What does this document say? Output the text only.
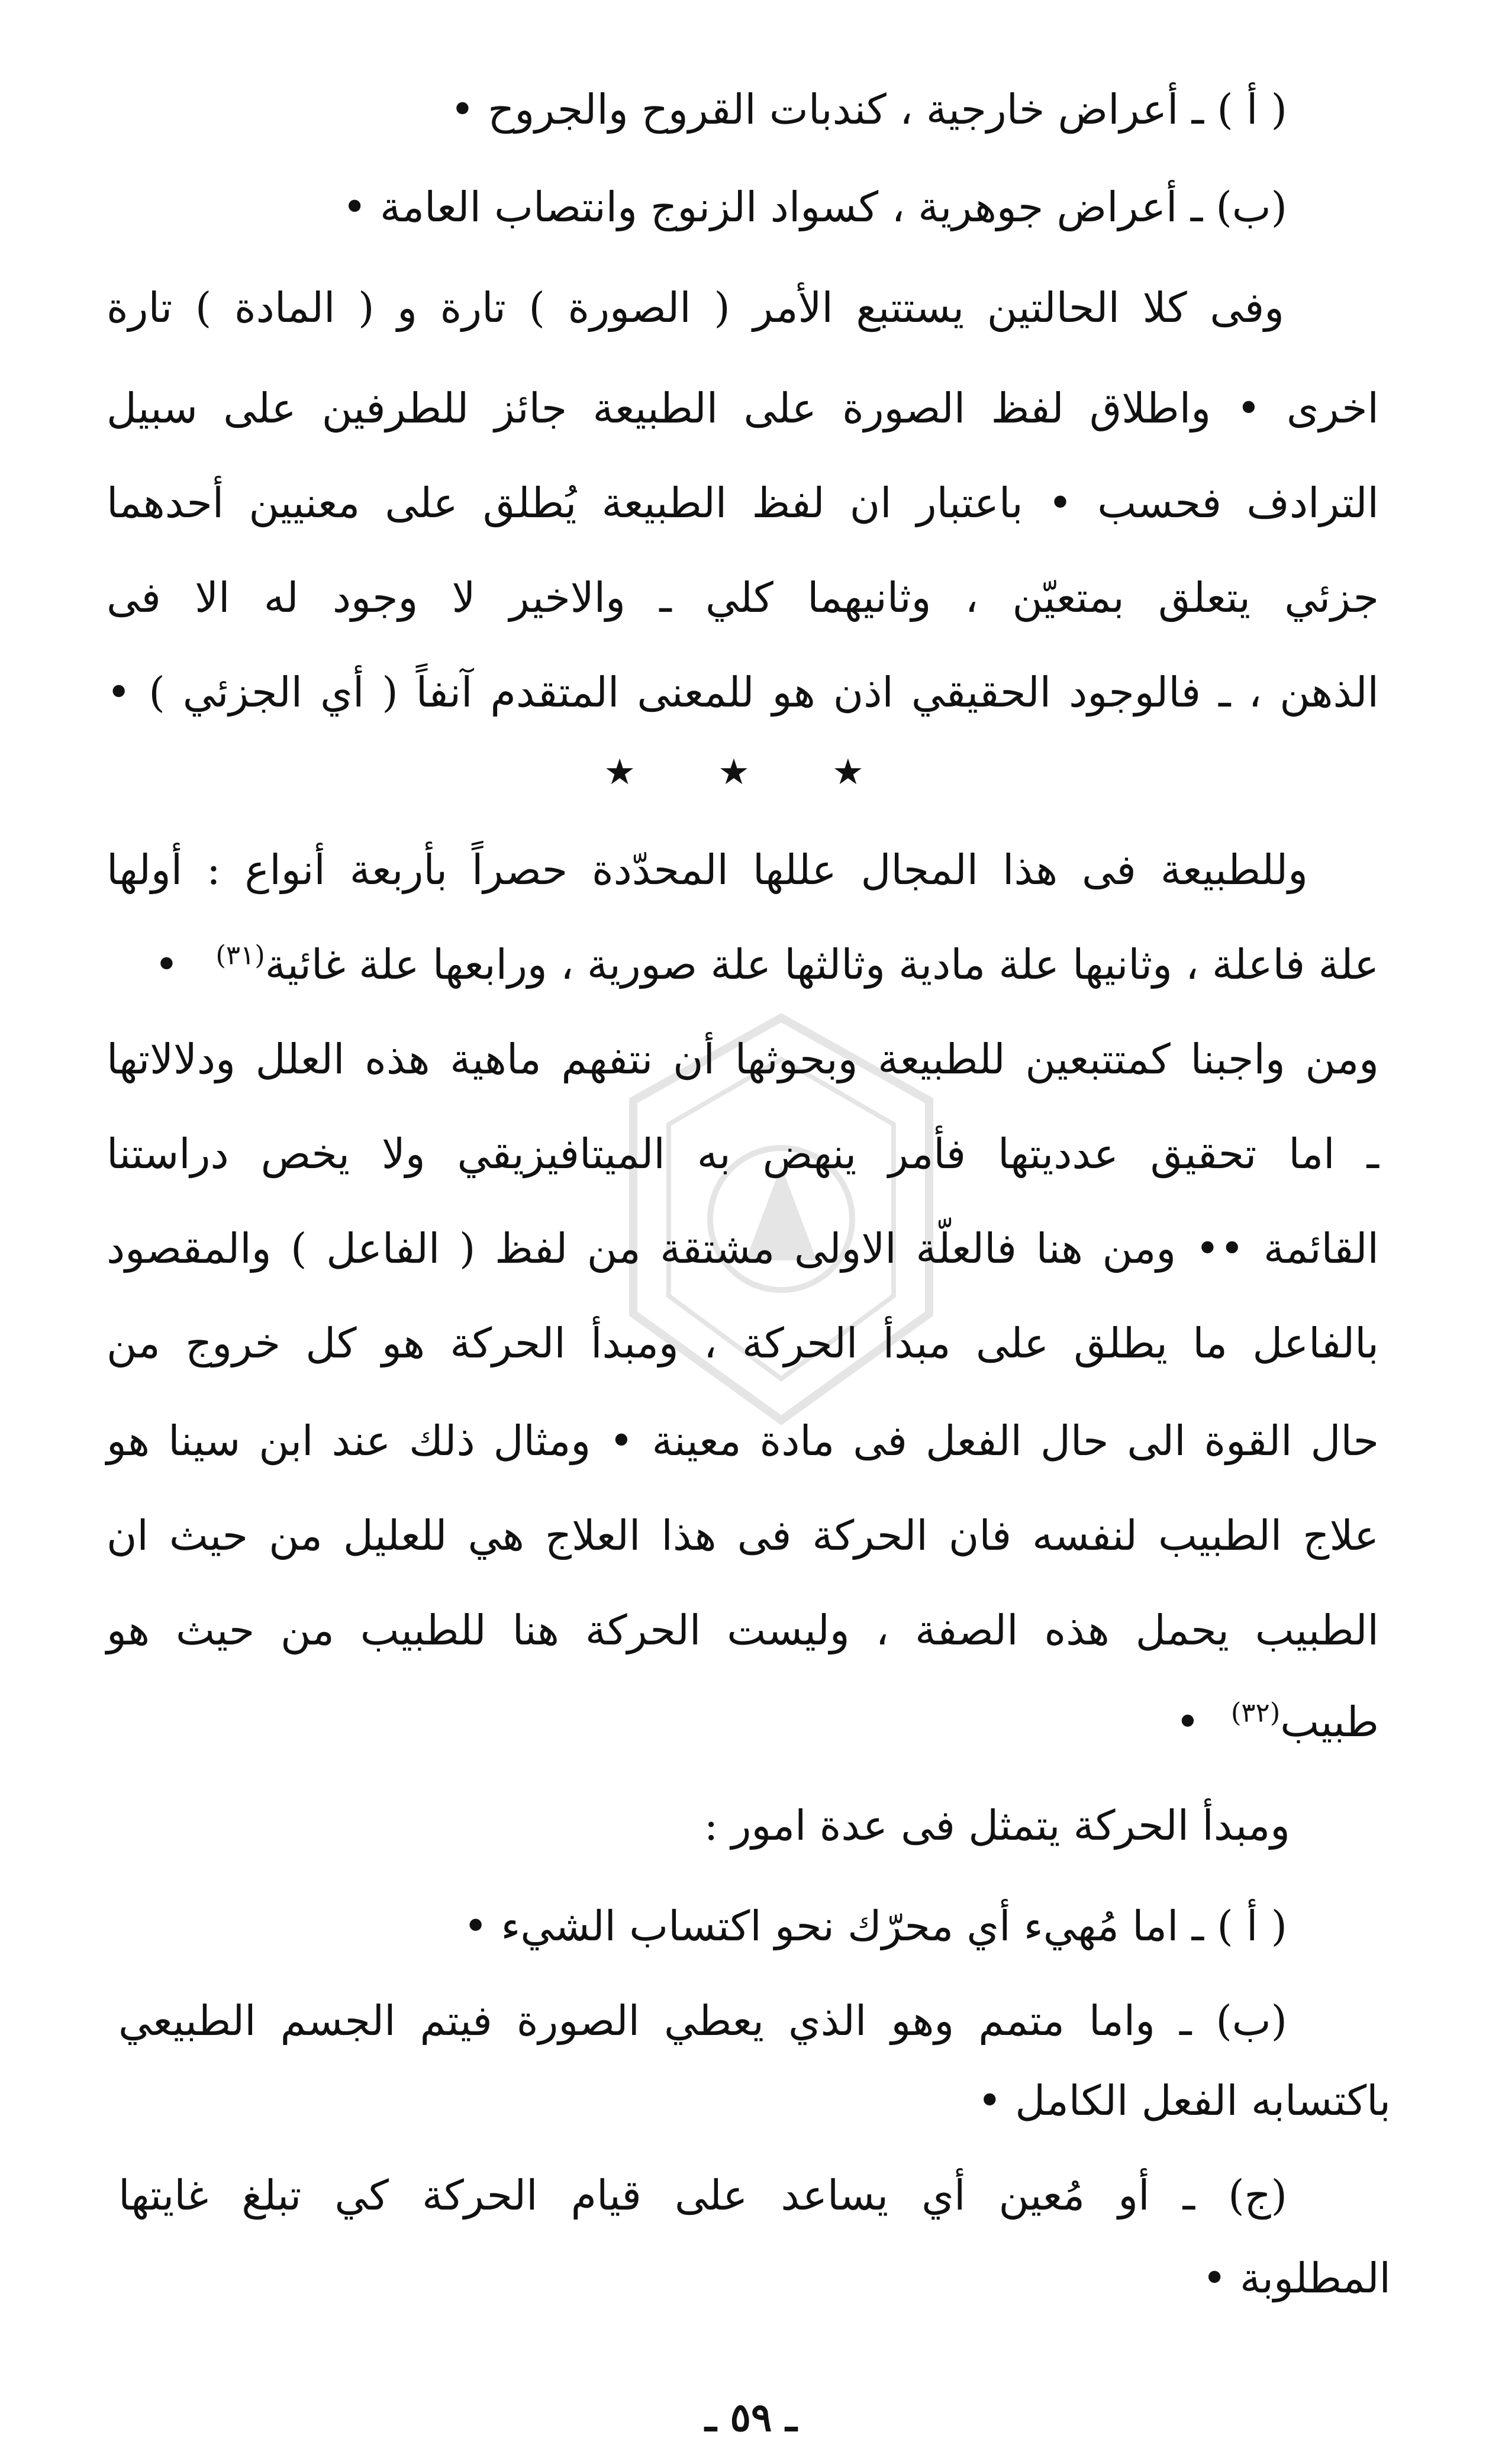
( أ ) ـ أعراض خارجية ، كندبات القروح والجروح •
(ب) ـ أعراض جوهرية ، كسواد الزنوج وانتصاب العامة •
وفى كلا الحالتين يستتبع الأمر ( الصورة ) تارة و ( المادة ) تارة
اخرى • واطلاق لفظ الصورة على الطبيعة جائز للطرفين على سبيل
الترادف فحسب • باعتبار ان لفظ الطبيعة يُطلق على معنيين أحدهما
جزئي يتعلق بمتعيّن ، وثانيهما كلي ـ والاخير لا وجود له الا فى
الذهن ، ـ فالوجود الحقيقي اذن هو للمعنى المتقدم آنفاً ( أي الجزئي ) •
★ ★ ★
وللطبيعة فى هذا المجال عللها المحدّدة حصراً بأربعة أنواع : أولها
علة فاعلة ، وثانيها علة مادية وثالثها علة صورية ، ورابعها علة غائية$^{(٣١)}$ •
ومن واجبنا كمتتبعين للطبيعة وبحوثها أن نتفهم ماهية هذه العلل ودلالاتها
ـ اما تحقيق عدديتها فأمر ينهض به الميتافيزيقي ولا يخص دراستنا
القائمة •• ومن هنا فالعلّة الاولى مشتقة من لفظ ( الفاعل ) والمقصود
بالفاعل ما يطلق على مبدأ الحركة ، ومبدأ الحركة هو كل خروج من
حال القوة الى حال الفعل فى مادة معينة • ومثال ذلك عند ابن سينا هو
علاج الطبيب لنفسه فان الحركة فى هذا العلاج هي للعليل من حيث ان
الطبيب يحمل هذه الصفة ، وليست الحركة هنا للطبيب من حيث هو
طبيب$^{(٣٢)}$ •
ومبدأ الحركة يتمثل فى عدة امور :
( أ ) ـ اما مُهيء أي محرّك نحو اكتساب الشيء •
(ب) ـ واما متمم وهو الذي يعطي الصورة فيتم الجسم الطبيعي
باكتسابه الفعل الكامل •
(ج) ـ أو مُعين أي يساعد على قيام الحركة كي تبلغ غايتها
المطلوبة •
ـ ٥٩ ـ
